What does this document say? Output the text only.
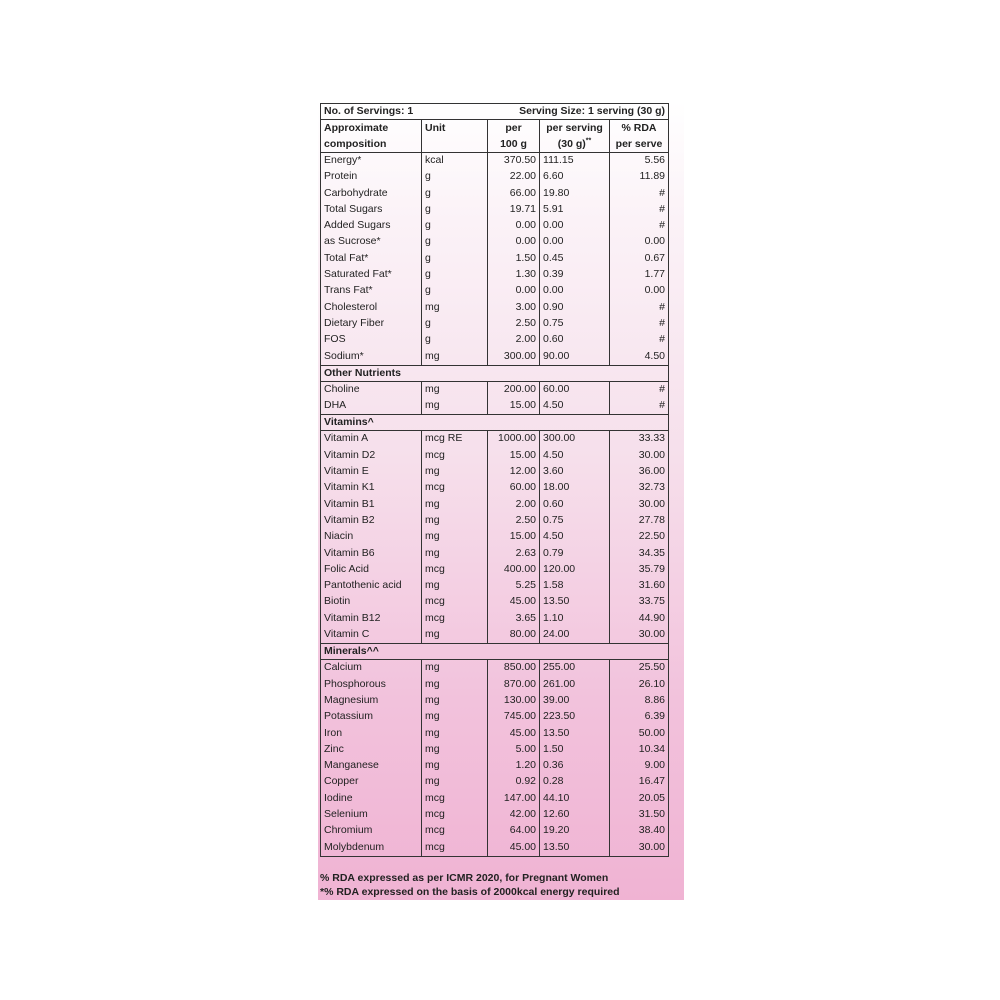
No. of Servings: 1		Serving Size: 1 serving (30 g)		
Approximate	Unit	per	per serving	% RDA
composition		100 g	(30 g)**	per serve
Energy*	kcal	370.50	111.15	5.56
Protein	g	22.00	6.60	11.89
Carbohydrate	g	66.00	19.80	#
Total Sugars	g	19.71	5.91	#
Added Sugars	g	0.00	0.00	#
as Sucrose*	g	0.00	0.00	0.00
Total Fat*	g	1.50	0.45	0.67
Saturated Fat*	g	1.30	0.39	1.77
Trans Fat*	g	0.00	0.00	0.00
Cholesterol	mg	3.00	0.90	#
Dietary Fiber	g	2.50	0.75	#
FOS	g	2.00	0.60	#
Sodium*	mg	300.00	90.00	4.50
Other Nutrients				
Choline	mg	200.00	60.00	#
DHA	mg	15.00	4.50	#
Vitamins^				
Vitamin A	mcg RE	1000.00	300.00	33.33
Vitamin D2	mcg	15.00	4.50	30.00
Vitamin E	mg	12.00	3.60	36.00
Vitamin K1	mcg	60.00	18.00	32.73
Vitamin B1	mg	2.00	0.60	30.00
Vitamin B2	mg	2.50	0.75	27.78
Niacin	mg	15.00	4.50	22.50
Vitamin B6	mg	2.63	0.79	34.35
Folic Acid	mcg	400.00	120.00	35.79
Pantothenic acid	mg	5.25	1.58	31.60
Biotin	mcg	45.00	13.50	33.75
Vitamin B12	mcg	3.65	1.10	44.90
Vitamin C	mg	80.00	24.00	30.00
Minerals^^				
Calcium	mg	850.00	255.00	25.50
Phosphorous	mg	870.00	261.00	26.10
Magnesium	mg	130.00	39.00	8.86
Potassium	mg	745.00	223.50	6.39
Iron	mg	45.00	13.50	50.00
Zinc	mg	5.00	1.50	10.34
Manganese	mg	1.20	0.36	9.00
Copper	mg	0.92	0.28	16.47
Iodine	mcg	147.00	44.10	20.05
Selenium	mcg	42.00	12.60	31.50
Chromium	mcg	64.00	19.20	38.40
Molybdenum	mcg	45.00	13.50	30.00
% RDA expressed as per ICMR 2020, for Pregnant Women
*% RDA expressed on the basis of 2000kcal energy required
